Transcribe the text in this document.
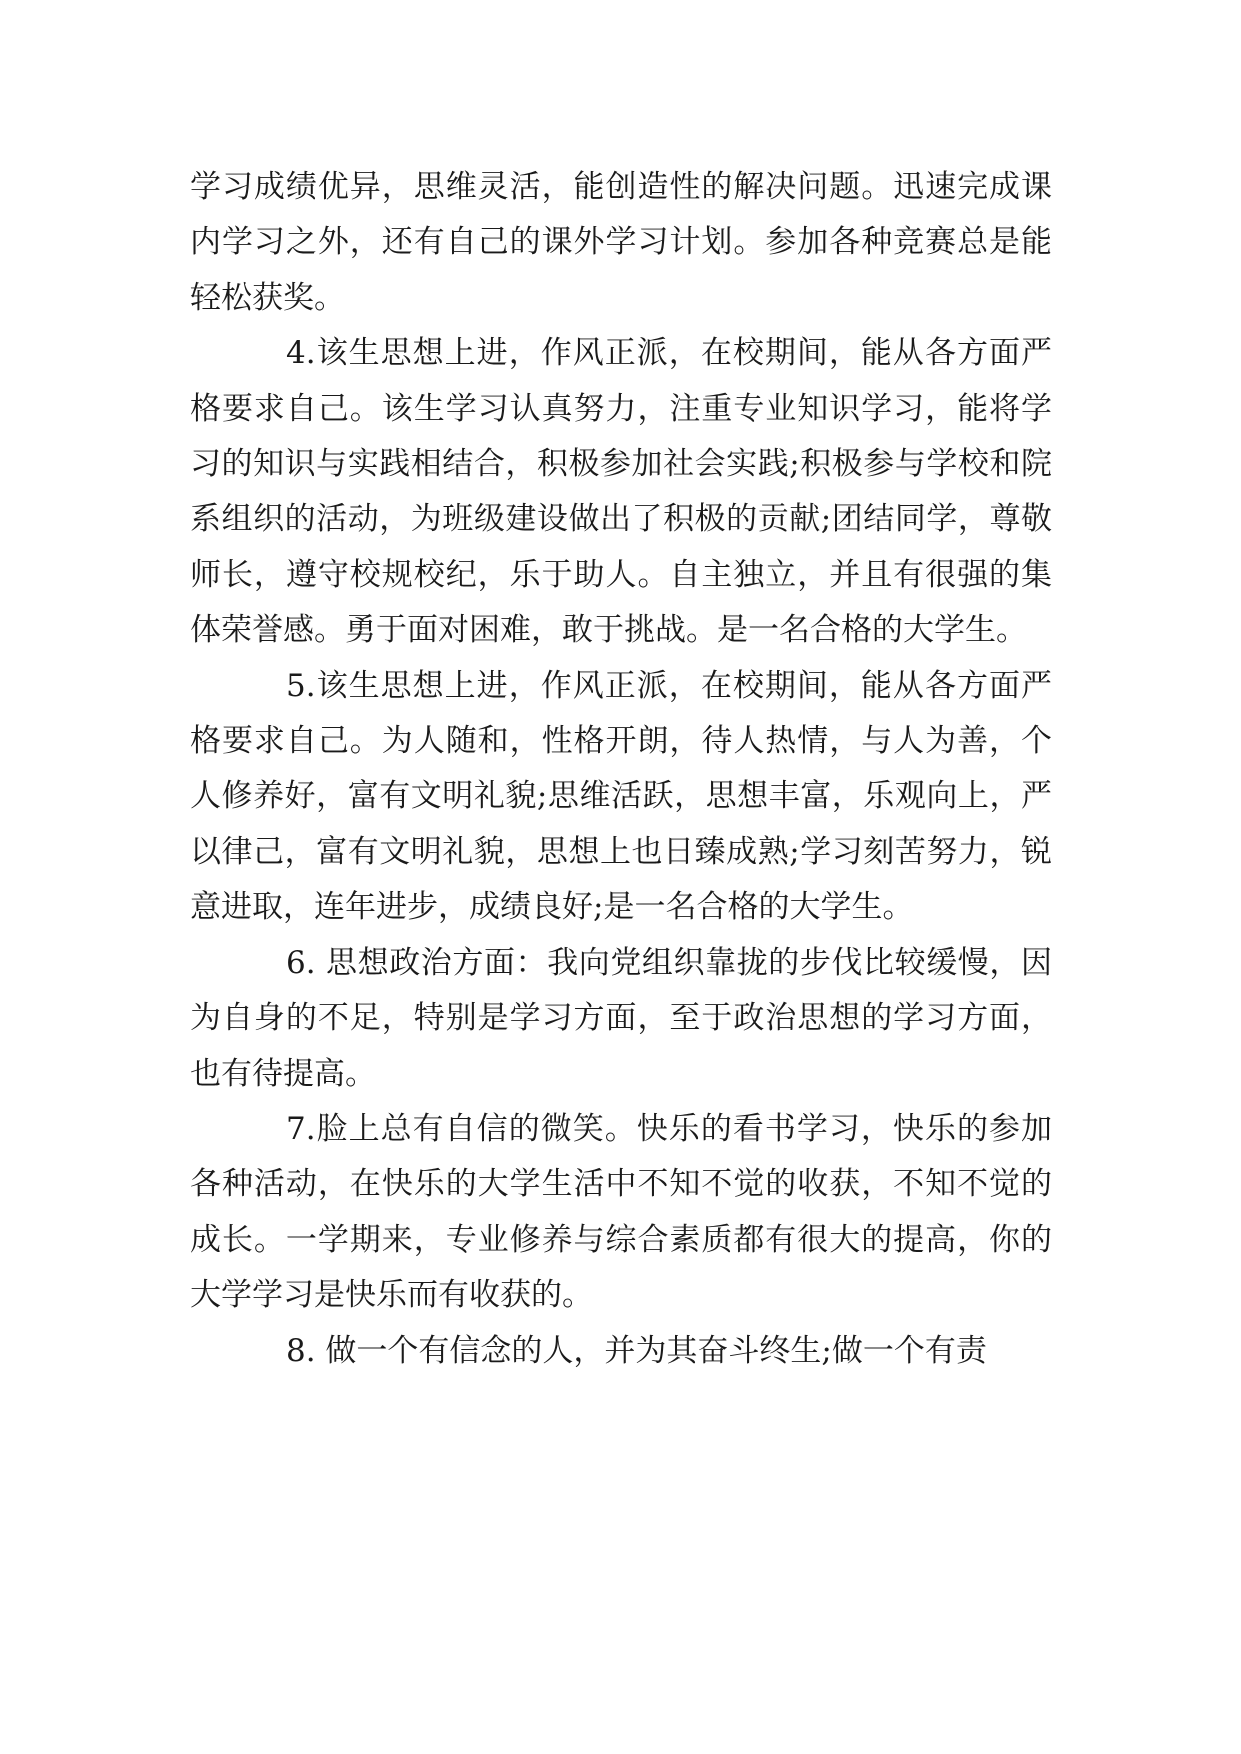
学习成绩优异，思维灵活，能创造性的解决问题。迅速完成课内学习之外，还有自己的课外学习计划。参加各种竞赛总是能轻松获奖。

4.该生思想上进，作风正派，在校期间，能从各方面严格要求自己。该生学习认真努力，注重专业知识学习，能将学习的知识与实践相结合，积极参加社会实践;积极参与学校和院系组织的活动，为班级建设做出了积极的贡献;团结同学，尊敬师长，遵守校规校纪，乐于助人。自主独立，并且有很强的集体荣誉感。勇于面对困难，敢于挑战。是一名合格的大学生。

5.该生思想上进，作风正派，在校期间，能从各方面严格要求自己。为人随和，性格开朗，待人热情，与人为善，个人修养好，富有文明礼貌;思维活跃，思想丰富，乐观向上，严以律己，富有文明礼貌，思想上也日臻成熟;学习刻苦努力，锐意进取，连年进步，成绩良好;是一名合格的大学生。

6. 思想政治方面：我向党组织靠拢的步伐比较缓慢，因为自身的不足，特别是学习方面，至于政治思想的学习方面，也有待提高。

7.脸上总有自信的微笑。快乐的看书学习，快乐的参加各种活动，在快乐的大学生活中不知不觉的收获，不知不觉的成长。一学期来，专业修养与综合素质都有很大的提高，你的大学学习是快乐而有收获的。

8. 做一个有信念的人，并为其奋斗终生;做一个有责
